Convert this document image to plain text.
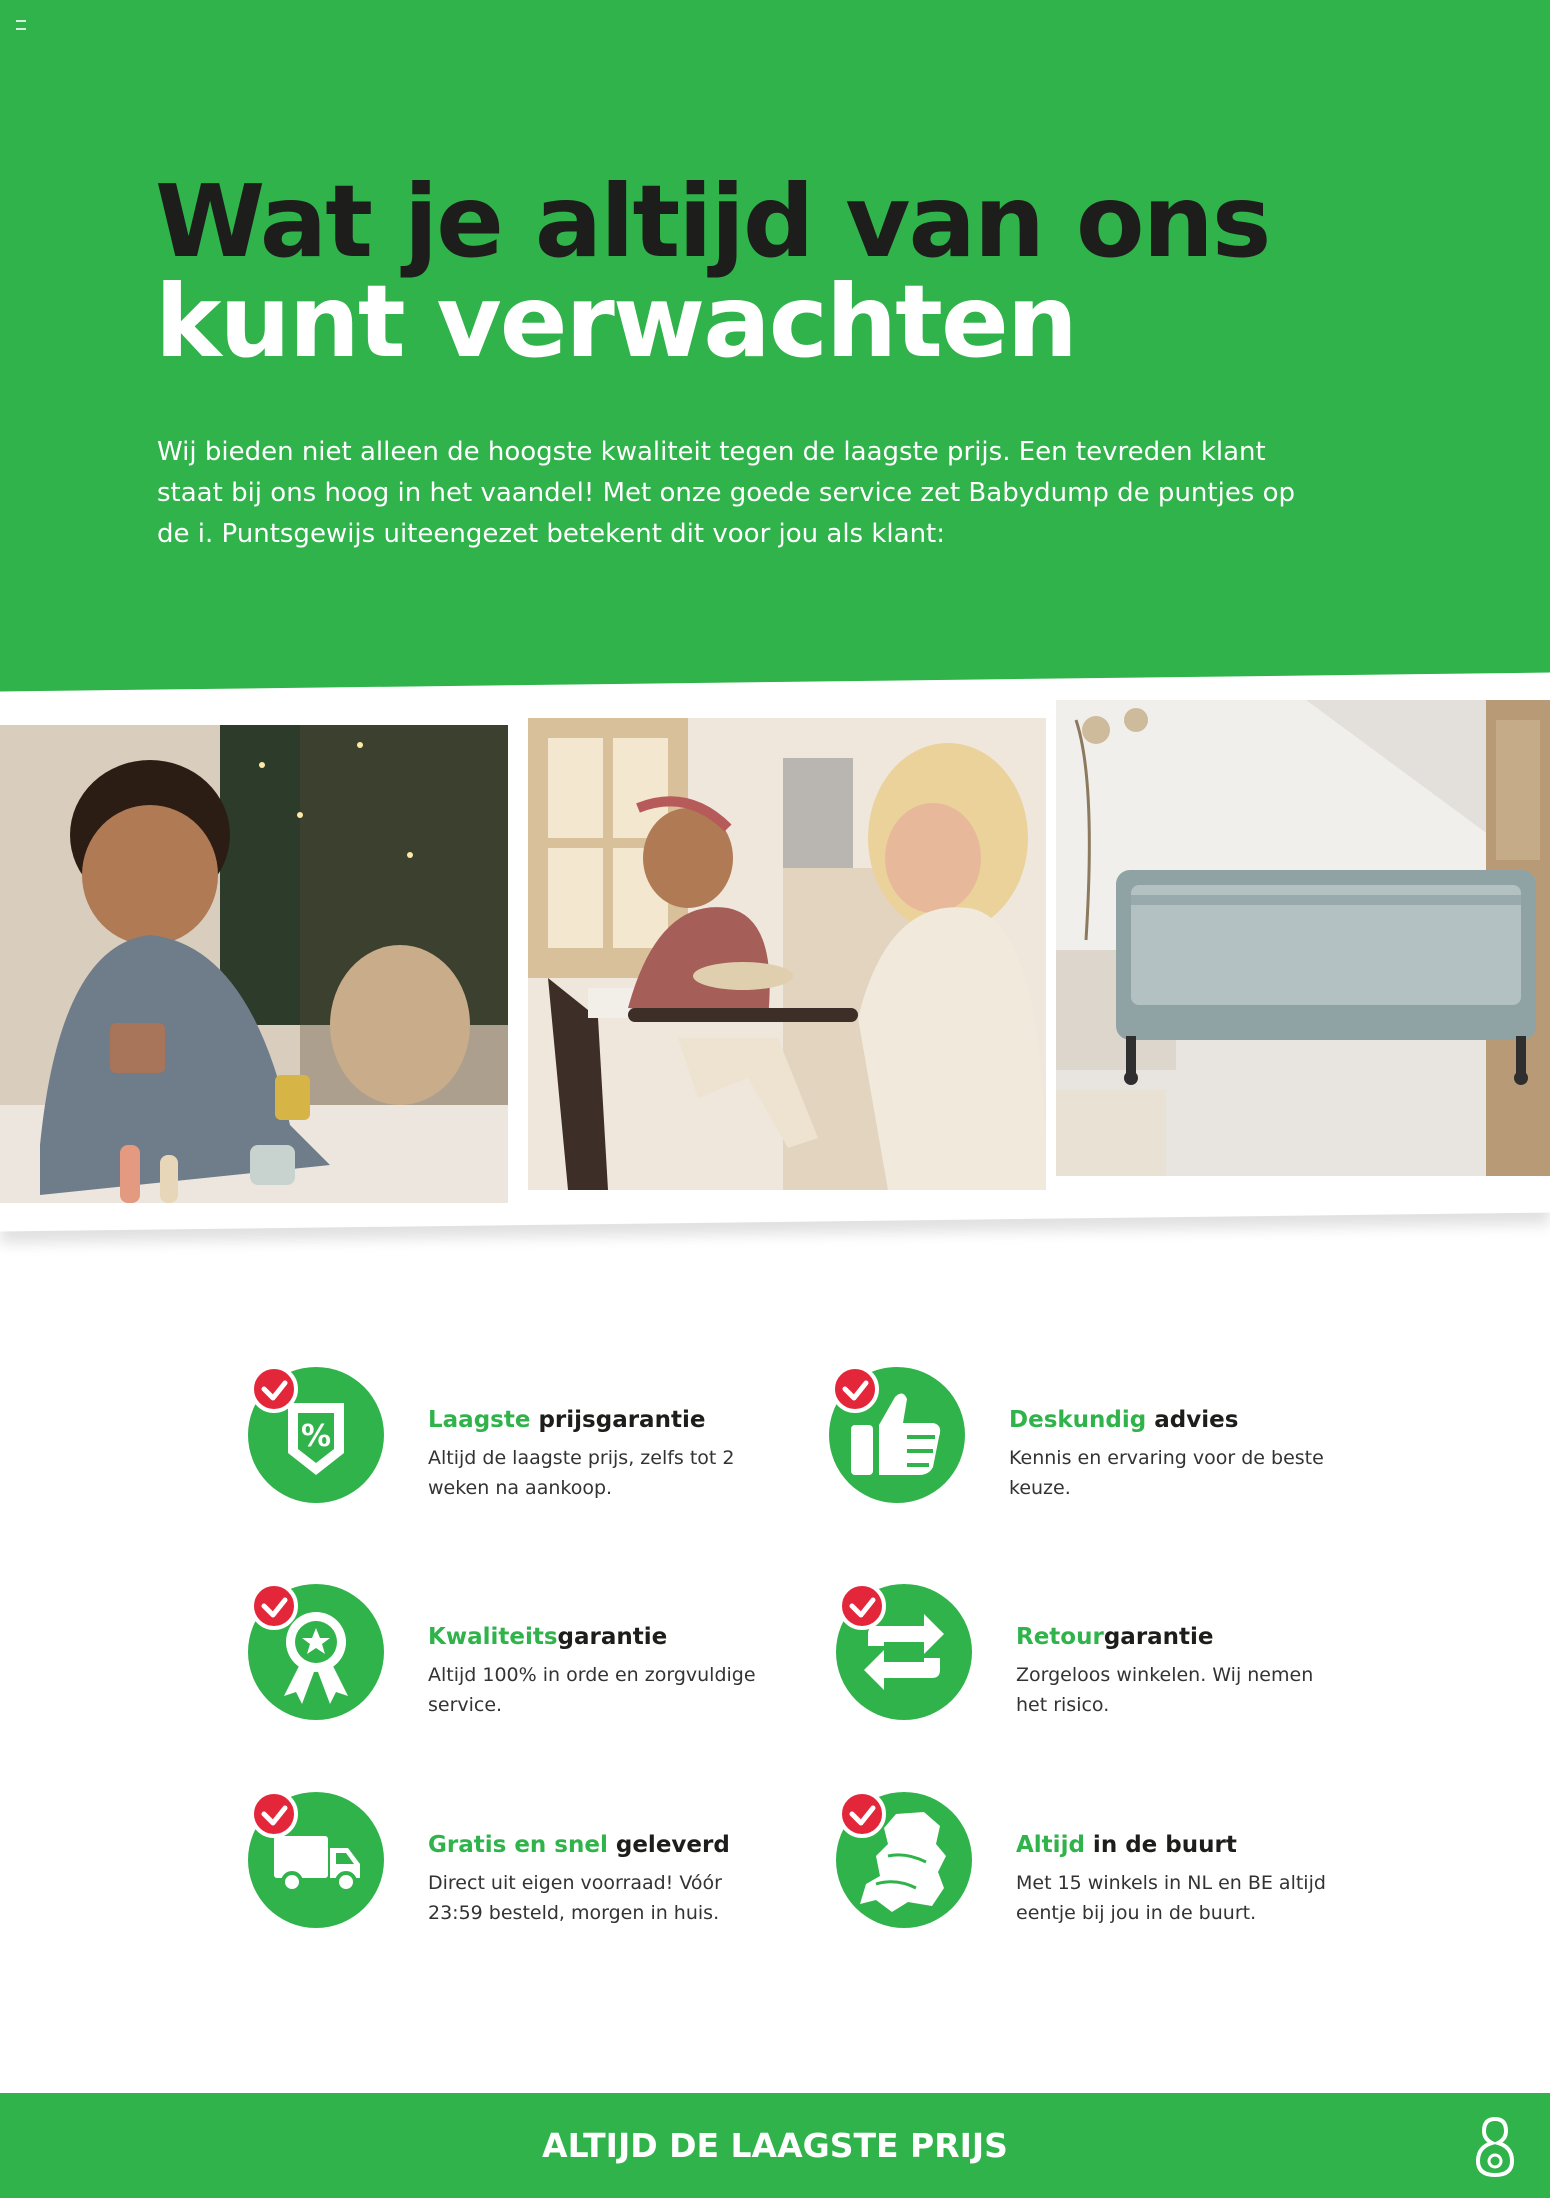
Wat je altijd van ons
kunt verwachten

Wij bieden niet alleen de hoogste kwaliteit tegen de laagste prijs. Een tevreden klant staat bij ons hoog in het vaandel! Met onze goede service zet Babydump de puntjes op de i. Puntsgewijs uiteengezet betekent dit voor jou als klant:

%	Laagste prijsgarantie

Altijd de laagste prijs, zelfs tot 2 weken na aankoop.

Deskundig advies

Kennis en ervaring voor de beste keuze.

Kwaliteitsgarantie

Altijd 100% in orde en zorgvuldige service.

Retourgarantie

Zorgeloos winkelen. Wij nemen het risico.

Gratis en snel geleverd

Direct uit eigen voorraad! Vóór 23:59 besteld, morgen in huis.

Altijd in de buurt

Met 15 winkels in NL en BE altijd eentje bij jou in de buurt.

ALTIJD DE LAAGSTE PRIJS
